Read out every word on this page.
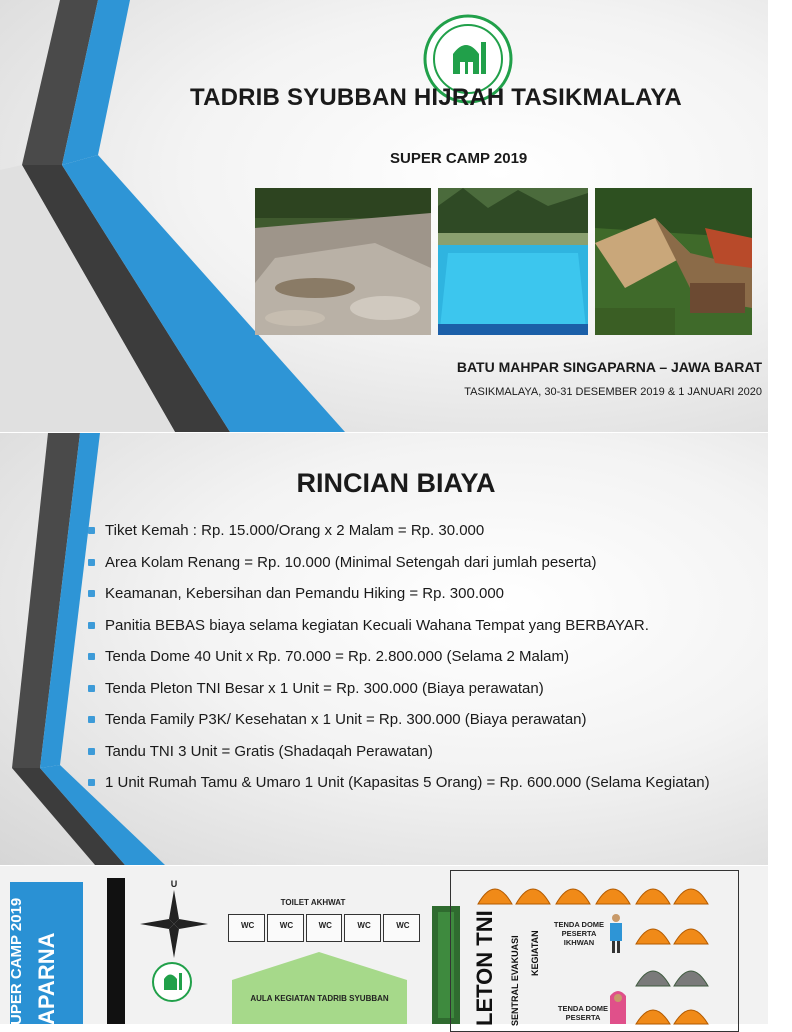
TADRIB SYUBBAN HIJRAH TASIKMALAYA
SUPER CAMP 2019
BATU MAHPAR SINGAPARNA – JAWA BARAT
TASIKMALAYA, 30-31 DESEMBER 2019 & 1 JANUARI 2020
RINCIAN BIAYA
Tiket Kemah : Rp. 15.000/Orang x 2 Malam = Rp. 30.000
Area Kolam Renang = Rp. 10.000 (Minimal Setengah dari jumlah peserta)
Keamanan, Kebersihan dan Pemandu Hiking = Rp. 300.000
Panitia BEBAS biaya selama kegiatan Kecuali Wahana Tempat yang BERBAYAR.
Tenda Dome 40 Unit x Rp. 70.000 = Rp. 2.800.000 (Selama 2 Malam)
Tenda Pleton TNI Besar x 1 Unit = Rp. 300.000 (Biaya perawatan)
Tenda Family P3K/ Kesehatan x 1 Unit = Rp. 300.000 (Biaya perawatan)
Tandu TNI 3 Unit = Gratis (Shadaqah Perawatan)
1 Unit Rumah Tamu & Umaro 1 Unit (Kapasitas 5 Orang) = Rp. 600.000 (Selama Kegiatan)
UPER CAMP 2019 APARNA
U
TOILET AKHWAT
WC	WC	WC	WC	WC
AULA KEGIATAN TADRIB SYUBBAN	LETON TNI SENTRAL EVAKUASI KEGIATAN
TENDA DOME
PESERTA
IKHWAN
TENDA DOME
PESERTA
